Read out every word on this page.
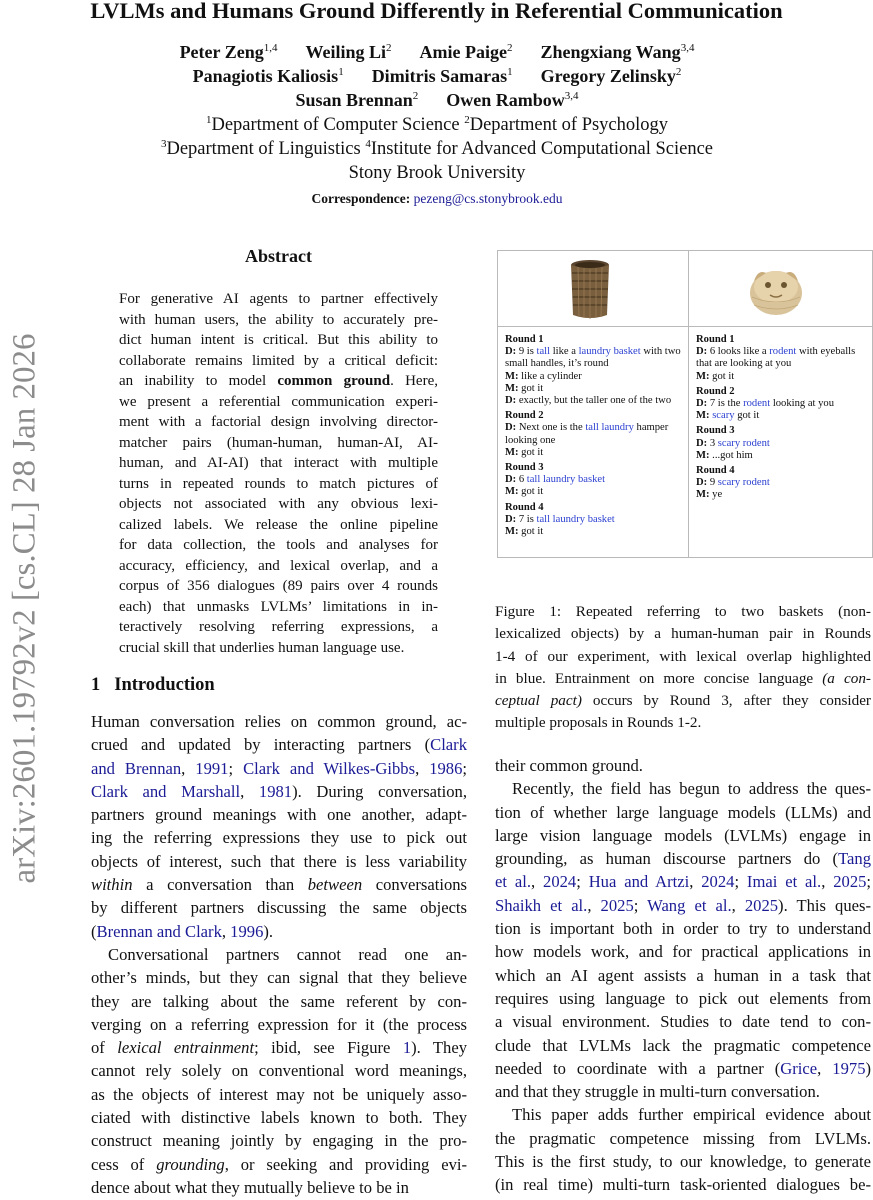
arXiv:2601.19792v2 [cs.CL] 28 Jan 2026
LVLMs and Humans Ground Differently in Referential Communication
Peter Zeng$^{1,4}$ Weiling Li$^2$ Amie Paige$^2$ Zhengxiang Wang$^{3,4}$
Panagiotis Kaliosis$^1$ Dimitris Samaras$^1$ Gregory Zelinsky$^2$
Susan Brennan$^2$ Owen Rambow$^{3,4}$
$^1$Department of Computer Science $^2$Department of Psychology
$^3$Department of Linguistics $^4$Institute for Advanced Computational Science
Stony Brook University
Correspondence: pezeng@cs.stonybrook.edu
Abstract
For generative AI agents to partner effectively
with human users, the ability to accurately pre-
dict human intent is critical. But this ability to
collaborate remains limited by a critical deficit:
an inability to model common ground. Here,
we present a referential communication experi-
ment with a factorial design involving director-
matcher pairs (human-human, human-AI, AI-
human, and AI-AI) that interact with multiple
turns in repeated rounds to match pictures of
objects not associated with any obvious lexi-
calized labels. We release the online pipeline
for data collection, the tools and analyses for
accuracy, efficiency, and lexical overlap, and a
corpus of 356 dialogues (89 pairs over 4 rounds
each) that unmasks LVLMs’ limitations in in-
teractively resolving referring expressions, a
crucial skill that underlies human language use.
1 Introduction
Human conversation relies on common ground, ac-
crued and updated by interacting partners (Clark
and Brennan, 1991; Clark and Wilkes-Gibbs, 1986;
Clark and Marshall, 1981). During conversation,
partners ground meanings with one another, adapt-
ing the referring expressions they use to pick out
objects of interest, such that there is less variability
within a conversation than between conversations
by different partners discussing the same objects
(Brennan and Clark, 1996).
Conversational partners cannot read one an-
other’s minds, but they can signal that they believe
they are talking about the same referent by con-
verging on a referring expression for it (the process
of lexical entrainment; ibid, see Figure 1). They
cannot rely solely on conventional word meanings,
as the objects of interest may not be uniquely asso-
ciated with distinctive labels known to both. They
construct meaning jointly by engaging in the pro-
cess of grounding, or seeking and providing evi-
dence about what they mutually believe to be in
Round 1
D: 9 is tall like a laundry basket with two
small handles, it’s round
M: like a cylinder
M: got it
D: exactly, but the taller one of the two
Round 2
D: Next one is the tall laundry hamper
looking one
M: got it
Round 3
D: 6 tall laundry basket
M: got it
Round 4
D: 7 is tall laundry basket
M: got it
Round 1
D: 6 looks like a rodent with eyeballs
that are looking at you
M: got it
Round 2
D: 7 is the rodent looking at you
M: scary got it
Round 3
D: 3 scary rodent
M: ...got him
Round 4
D: 9 scary rodent
M: ye
Figure 1: Repeated referring to two baskets (non-
lexicalized objects) by a human-human pair in Rounds
1-4 of our experiment, with lexical overlap highlighted
in blue. Entrainment on more concise language (a con-
ceptual pact) occurs by Round 3, after they consider
multiple proposals in Rounds 1-2.
their common ground.
Recently, the field has begun to address the ques-
tion of whether large language models (LLMs) and
large vision language models (LVLMs) engage in
grounding, as human discourse partners do (Tang
et al., 2024; Hua and Artzi, 2024; Imai et al., 2025;
Shaikh et al., 2025; Wang et al., 2025). This ques-
tion is important both in order to try to understand
how models work, and for practical applications in
which an AI agent assists a human in a task that
requires using language to pick out elements from
a visual environment. Studies to date tend to con-
clude that LVLMs lack the pragmatic competence
needed to coordinate with a partner (Grice, 1975)
and that they struggle in multi-turn conversation.
This paper adds further empirical evidence about
the pragmatic competence missing from LVLMs.
This is the first study, to our knowledge, to generate
(in real time) multi-turn task-oriented dialogues be-
